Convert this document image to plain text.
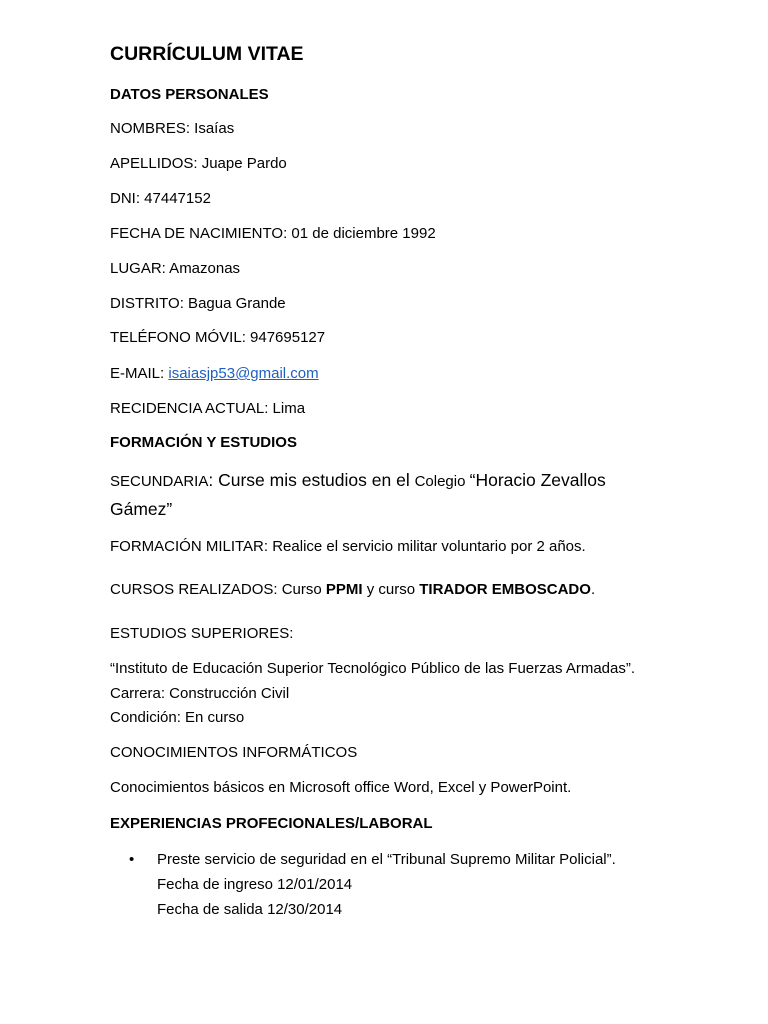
CURRÍCULUM VITAE
DATOS PERSONALES
NOMBRES: Isaías
APELLIDOS: Juape Pardo
DNI: 47447152
FECHA DE NACIMIENTO: 01 de diciembre 1992
LUGAR: Amazonas
DISTRITO: Bagua Grande
TELÉFONO MÓVIL: 947695127
E-MAIL: isaiasjp53@gmail.com
RECIDENCIA ACTUAL: Lima
FORMACIÓN Y ESTUDIOS
SECUNDARIA: Curse mis estudios en el Colegio “Horacio Zevallos
Gámez”
FORMACIÓN MILITAR: Realice el servicio militar voluntario por 2 años.
CURSOS REALIZADOS: Curso PPMI y curso TIRADOR EMBOSCADO.
ESTUDIOS SUPERIORES:
“Instituto de Educación Superior Tecnológico Público de las Fuerzas Armadas”.
Carrera: Construcción Civil
Condición: En curso
CONOCIMIENTOS INFORMÁTICOS
Conocimientos básicos en Microsoft office Word, Excel y PowerPoint.
EXPERIENCIAS PROFECIONALES/LABORAL
• Preste servicio de seguridad en el “Tribunal Supremo Militar Policial”.
Fecha de ingreso 12/01/2014
Fecha de salida 12/30/2014
